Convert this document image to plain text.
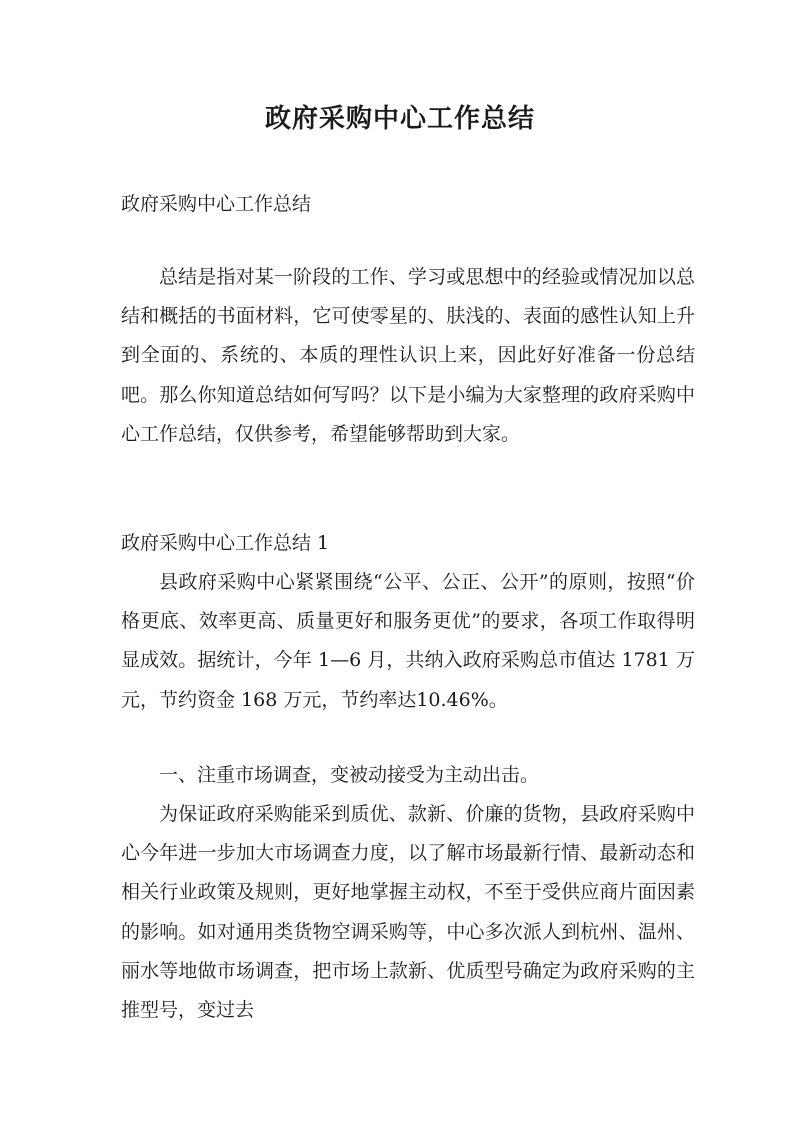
政府采购中心工作总结
政府采购中心工作总结

总结是指对某一阶段的工作、学习或思想中的经验或情况加以总结和概括的书面材料，它可使零星的、肤浅的、表面的感性认知上升到全面的、系统的、本质的理性认识上来，因此好好准备一份总结吧。那么你知道总结如何写吗？以下是小编为大家整理的政府采购中心工作总结，仅供参考，希望能够帮助到大家。

政府采购中心工作总结 1

县政府采购中心紧紧围绕“公平、公正、公开”的原则，按照“价格更底、效率更高、质量更好和服务更优”的要求，各项工作取得明显成效。据统计，今年 1—6 月，共纳入政府采购总市值达 1781 万元，节约资金 168 万元，节约率达10.46%。

一、注重市场调查，变被动接受为主动出击。

为保证政府采购能采到质优、款新、价廉的货物，县政府采购中心今年进一步加大市场调查力度，以了解市场最新行情、最新动态和相关行业政策及规则，更好地掌握主动权，不至于受供应商片面因素的影响。如对通用类货物空调采购等，中心多次派人到杭州、温州、丽水等地做市场调查，把市场上款新、优质型号确定为政府采购的主推型号，变过去
